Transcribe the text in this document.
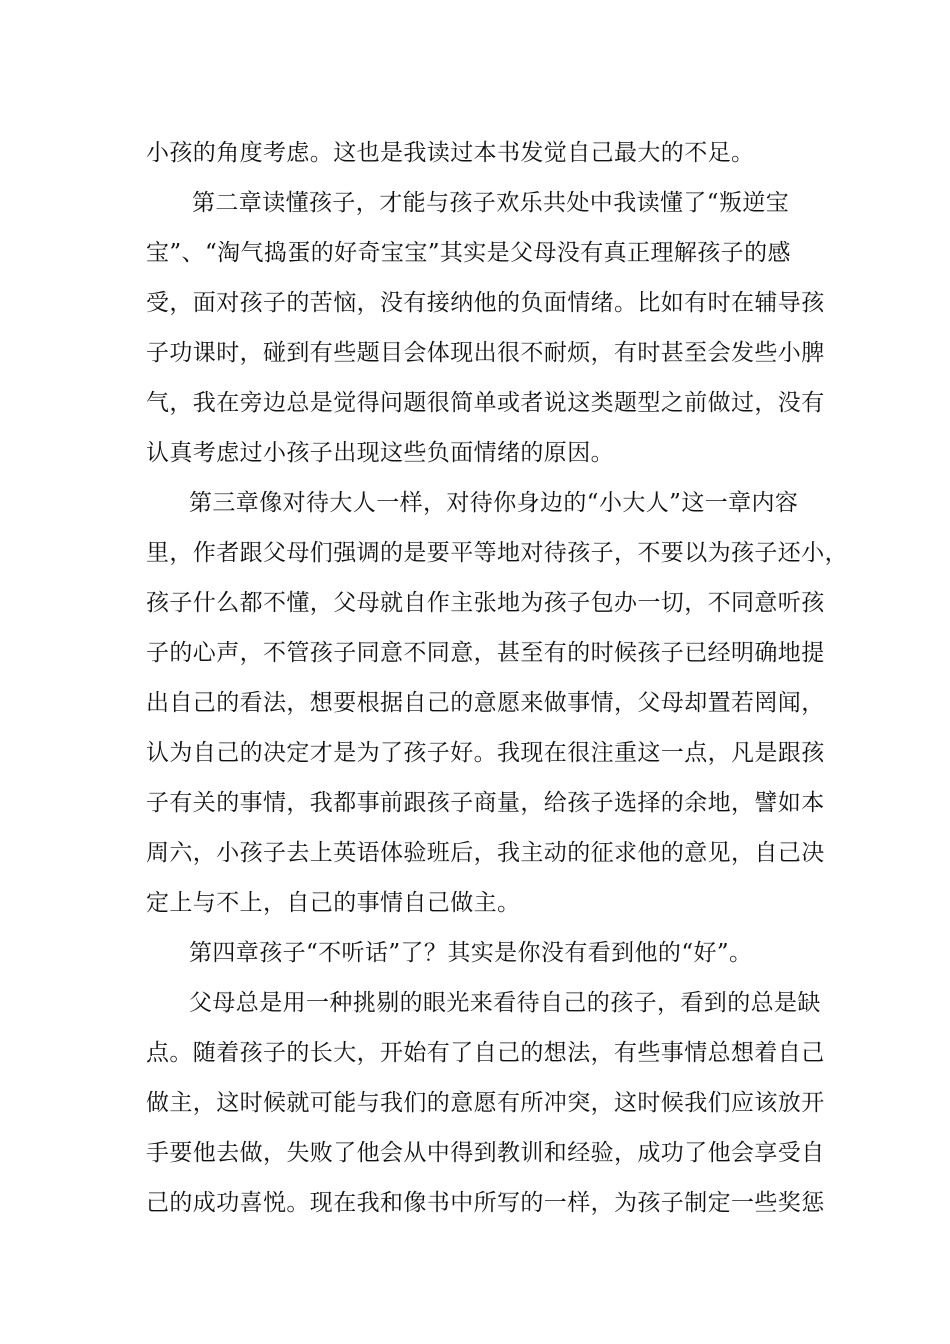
小孩的角度考虑。这也是我读过本书发觉自己最大的不足。
第二章读懂孩子，才能与孩子欢乐共处中我读懂了“叛逆宝
宝”、“淘气捣蛋的好奇宝宝”其实是父母没有真正理解孩子的感
受，面对孩子的苦恼，没有接纳他的负面情绪。比如有时在辅导孩
子功课时，碰到有些题目会体现出很不耐烦，有时甚至会发些小脾
气，我在旁边总是觉得问题很简单或者说这类题型之前做过，没有
认真考虑过小孩子出现这些负面情绪的原因。
第三章像对待大人一样，对待你身边的“小大人”这一章内容
里，作者跟父母们强调的是要平等地对待孩子，不要以为孩子还小，
孩子什么都不懂，父母就自作主张地为孩子包办一切，不同意听孩
子的心声，不管孩子同意不同意，甚至有的时候孩子已经明确地提
出自己的看法，想要根据自己的意愿来做事情，父母却置若罔闻，
认为自己的决定才是为了孩子好。我现在很注重这一点，凡是跟孩
子有关的事情，我都事前跟孩子商量，给孩子选择的余地，譬如本
周六，小孩子去上英语体验班后，我主动的征求他的意见，自己决
定上与不上，自己的事情自己做主。
第四章孩子“不听话”了？其实是你没有看到他的“好”。
父母总是用一种挑剔的眼光来看待自己的孩子，看到的总是缺
点。随着孩子的长大，开始有了自己的想法，有些事情总想着自己
做主，这时候就可能与我们的意愿有所冲突，这时候我们应该放开
手要他去做，失败了他会从中得到教训和经验，成功了他会享受自
己的成功喜悦。现在我和像书中所写的一样，为孩子制定一些奖惩
